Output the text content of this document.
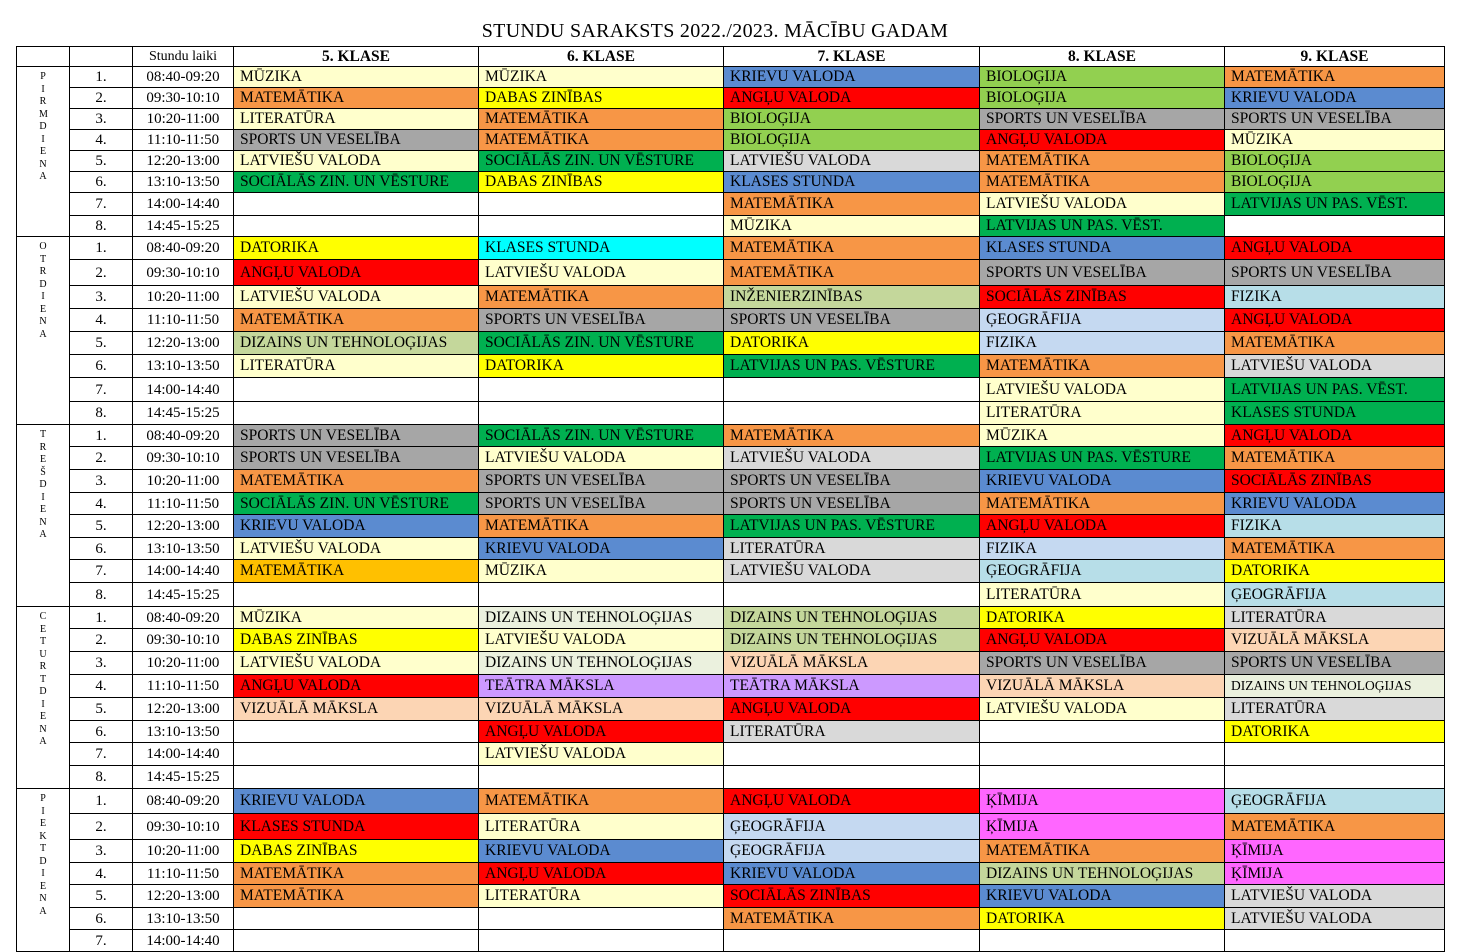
STUNDU SARAKSTS 2022./2023. MĀCĪBU GADAM
		Stundu laiki	5. KLASE	6. KLASE	7. KLASE	8. KLASE	9. KLASE
PIRMDIENA	1.	08:40-09:20	MŪZIKA	MŪZIKA	KRIEVU VALODA	BIOLOĢIJA	MATEMĀTIKA
	2.	09:30-10:10	MATEMĀTIKA	DABAS ZINĪBAS	ANGĻU VALODA	BIOLOĢIJA	KRIEVU VALODA
	3.	10:20-11:00	LITERATŪRA	MATEMĀTIKA	BIOLOĢIJA	SPORTS UN VESELĪBA	SPORTS UN VESELĪBA
	4.	11:10-11:50	SPORTS UN VESELĪBA	MATEMĀTIKA	BIOLOĢIJA	ANGĻU VALODA	MŪZIKA
	5.	12:20-13:00	LATVIEŠU VALODA	SOCIĀLĀS ZIN. UN VĒSTURE	LATVIEŠU VALODA	MATEMĀTIKA	BIOLOĢIJA
	6.	13:10-13:50	SOCIĀLĀS ZIN. UN VĒSTURE	DABAS ZINĪBAS	KLASES STUNDA	MATEMĀTIKA	BIOLOĢIJA
	7.	14:00-14:40			MATEMĀTIKA	LATVIEŠU VALODA	LATVIJAS UN PAS. VĒST.
	8.	14:45-15:25			MŪZIKA	LATVIJAS UN PAS. VĒST.	
OTRDIENA	1.	08:40-09:20	DATORIKA	KLASES STUNDA	MATEMĀTIKA	KLASES STUNDA	ANGĻU VALODA
	2.	09:30-10:10	ANGĻU VALODA	LATVIEŠU VALODA	MATEMĀTIKA	SPORTS UN VESELĪBA	SPORTS UN VESELĪBA
	3.	10:20-11:00	LATVIEŠU VALODA	MATEMĀTIKA	INŽENIERZINĪBAS	SOCIĀLĀS ZINĪBAS	FIZIKA
	4.	11:10-11:50	MATEMĀTIKA	SPORTS UN VESELĪBA	SPORTS UN VESELĪBA	ĢEOGRĀFIJA	ANGĻU VALODA
	5.	12:20-13:00	DIZAINS UN TEHNOLOĢIJAS	SOCIĀLĀS ZIN. UN VĒSTURE	DATORIKA	FIZIKA	MATEMĀTIKA
	6.	13:10-13:50	LITERATŪRA	DATORIKA	LATVIJAS UN PAS. VĒSTURE	MATEMĀTIKA	LATVIEŠU VALODA
	7.	14:00-14:40				LATVIEŠU VALODA	LATVIJAS UN PAS. VĒST.
	8.	14:45-15:25				LITERATŪRA	KLASES STUNDA
TREŠDIENA	1.	08:40-09:20	SPORTS UN VESELĪBA	SOCIĀLĀS ZIN. UN VĒSTURE	MATEMĀTIKA	MŪZIKA	ANGĻU VALODA
	2.	09:30-10:10	SPORTS UN VESELĪBA	LATVIEŠU VALODA	LATVIEŠU VALODA	LATVIJAS UN PAS. VĒSTURE	MATEMĀTIKA
	3.	10:20-11:00	MATEMĀTIKA	SPORTS UN VESELĪBA	SPORTS UN VESELĪBA	KRIEVU VALODA	SOCIĀLĀS ZINĪBAS
	4.	11:10-11:50	SOCIĀLĀS ZIN. UN VĒSTURE	SPORTS UN VESELĪBA	SPORTS UN VESELĪBA	MATEMĀTIKA	KRIEVU VALODA
	5.	12:20-13:00	KRIEVU VALODA	MATEMĀTIKA	LATVIJAS UN PAS. VĒSTURE	ANGĻU VALODA	FIZIKA
	6.	13:10-13:50	LATVIEŠU VALODA	KRIEVU VALODA	LITERATŪRA	FIZIKA	MATEMĀTIKA
	7.	14:00-14:40	MATEMĀTIKA	MŪZIKA	LATVIEŠU VALODA	ĢEOGRĀFIJA	DATORIKA
	8.	14:45-15:25				LITERATŪRA	ĢEOGRĀFIJA
CETURTDIENA	1.	08:40-09:20	MŪZIKA	DIZAINS UN TEHNOLOĢIJAS	DIZAINS UN TEHNOLOĢIJAS	DATORIKA	LITERATŪRA
	2.	09:30-10:10	DABAS ZINĪBAS	LATVIEŠU VALODA	DIZAINS UN TEHNOLOĢIJAS	ANGĻU VALODA	VIZUĀLĀ MĀKSLA
	3.	10:20-11:00	LATVIEŠU VALODA	DIZAINS UN TEHNOLOĢIJAS	VIZUĀLĀ MĀKSLA	SPORTS UN VESELĪBA	SPORTS UN VESELĪBA
	4.	11:10-11:50	ANGĻU VALODA	TEĀTRA MĀKSLA	TEĀTRA MĀKSLA	VIZUĀLĀ MĀKSLA	DIZAINS UN TEHNOLOĢIJAS
	5.	12:20-13:00	VIZUĀLĀ MĀKSLA	VIZUĀLĀ MĀKSLA	ANGĻU VALODA	LATVIEŠU VALODA	LITERATŪRA
	6.	13:10-13:50		ANGĻU VALODA	LITERATŪRA		DATORIKA
	7.	14:00-14:40		LATVIEŠU VALODA			
	8.	14:45-15:25					
PIEKTDIENA	1.	08:40-09:20	KRIEVU VALODA	MATEMĀTIKA	ANGĻU VALODA	ĶĪMIJA	ĢEOGRĀFIJA
	2.	09:30-10:10	KLASES STUNDA	LITERATŪRA	ĢEOGRĀFIJA	ĶĪMIJA	MATEMĀTIKA
	3.	10:20-11:00	DABAS ZINĪBAS	KRIEVU VALODA	ĢEOGRĀFIJA	MATEMĀTIKA	ĶĪMIJA
	4.	11:10-11:50	MATEMĀTIKA	ANGĻU VALODA	KRIEVU VALODA	DIZAINS UN TEHNOLOĢIJAS	ĶĪMIJA
	5.	12:20-13:00	MATEMĀTIKA	LITERATŪRA	SOCIĀLĀS ZINĪBAS	KRIEVU VALODA	LATVIEŠU VALODA
	6.	13:10-13:50			MATEMĀTIKA	DATORIKA	LATVIEŠU VALODA
	7.	14:00-14:40					
